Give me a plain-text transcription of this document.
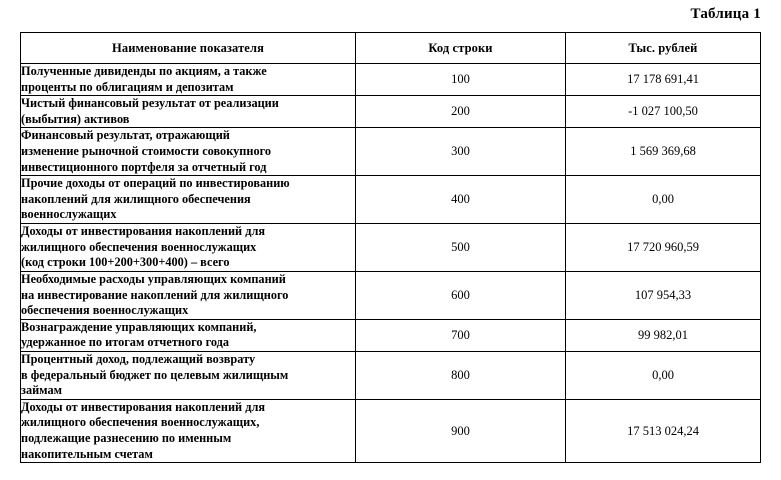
Таблица 1
Наименование показателя	Код строки	Тыс. рублей

Полученные дивиденды по акциям, а также
проценты по облигациям и депозитам	100	17 178 691,41

Чистый финансовый результат от реализации
(выбытия) активов	200	-1 027 100,50

Финансовый результат, отражающий
изменение рыночной стоимости совокупного
инвестиционного портфеля за отчетный год	300	1 569 369,68

Прочие доходы от операций по инвестированию
накоплений для жилищного обеспечения
военнослужащих	400	0,00

Доходы от инвестирования накоплений для
жилищного обеспечения военнослужащих
(код строки 100+200+300+400) – всего	500	17 720 960,59

Необходимые расходы управляющих компаний
на инвестирование накоплений для жилищного
обеспечения военнослужащих	600	107 954,33

Вознаграждение управляющих компаний,
удержанное по итогам отчетного года	700	99 982,01

Процентный доход, подлежащий возврату
в федеральный бюджет по целевым жилищным
займам	800	0,00

Доходы от инвестирования накоплений для
жилищного обеспечения военнослужащих,
подлежащие разнесению по именным
накопительным счетам	900	17 513 024,24
